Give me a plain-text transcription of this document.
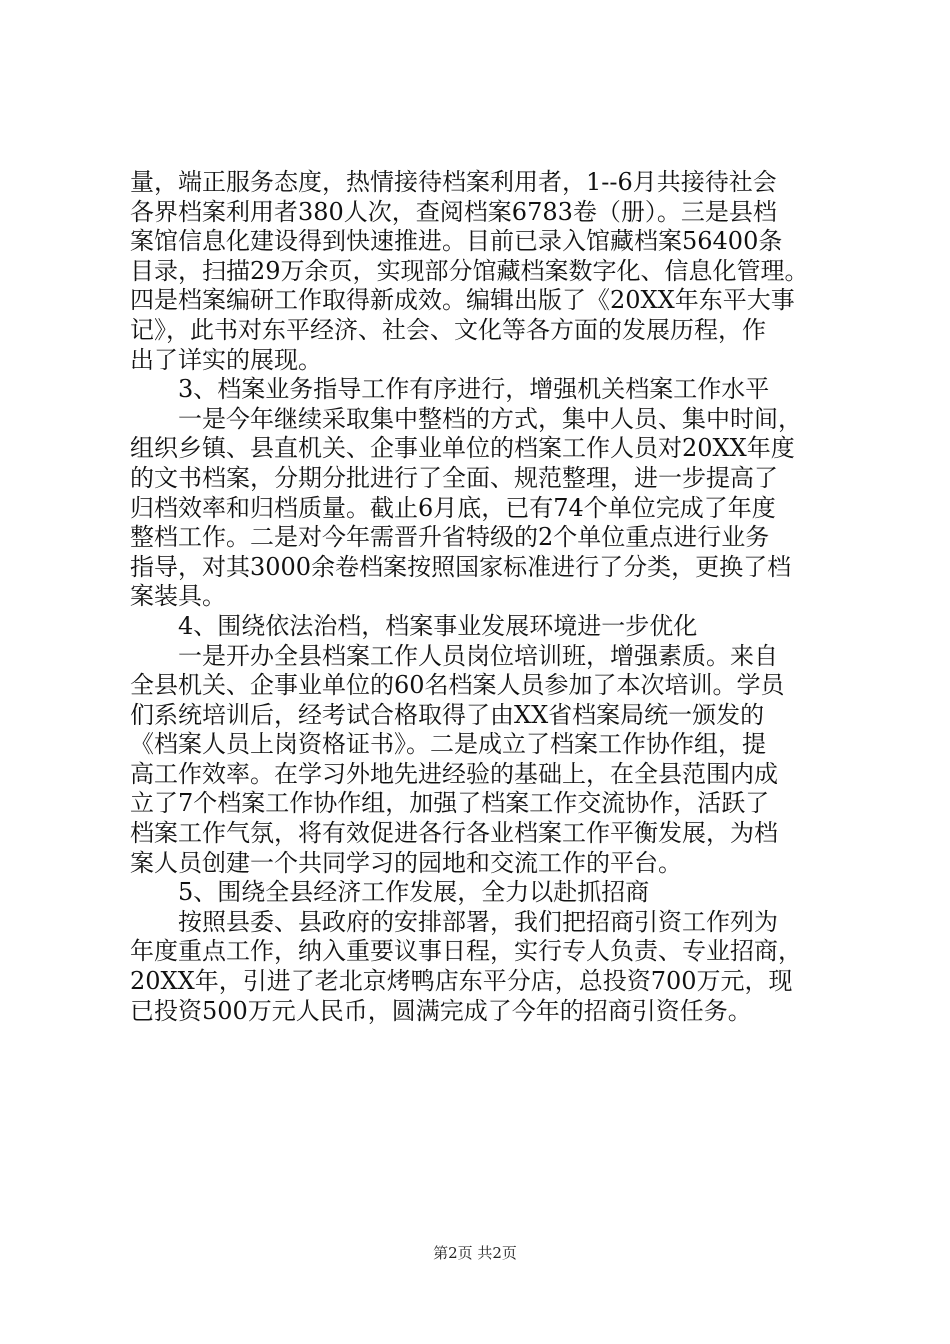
量，端正服务态度，热情接待档案利用者，1--6月共接待社会
各界档案利用者380人次，查阅档案6783卷（册）。三是县档
案馆信息化建设得到快速推进。目前已录入馆藏档案56400条
目录，扫描29万余页，实现部分馆藏档案数字化、信息化管理。
四是档案编研工作取得新成效。编辑出版了《20XX年东平大事
记》，此书对东平经济、社会、文化等各方面的发展历程，作
出了详实的展现。
3、档案业务指导工作有序进行，增强机关档案工作水平
一是今年继续采取集中整档的方式，集中人员、集中时间，
组织乡镇、县直机关、企事业单位的档案工作人员对20XX年度
的文书档案，分期分批进行了全面、规范整理，进一步提高了
归档效率和归档质量。截止6月底，已有74个单位完成了年度
整档工作。二是对今年需晋升省特级的2个单位重点进行业务
指导，对其3000余卷档案按照国家标准进行了分类，更换了档
案装具。
4、围绕依法治档，档案事业发展环境进一步优化
一是开办全县档案工作人员岗位培训班，增强素质。来自
全县机关、企事业单位的60名档案人员参加了本次培训。学员
们系统培训后，经考试合格取得了由XX省档案局统一颁发的
《档案人员上岗资格证书》。二是成立了档案工作协作组，提
高工作效率。在学习外地先进经验的基础上，在全县范围内成
立了7个档案工作协作组，加强了档案工作交流协作，活跃了
档案工作气氛，将有效促进各行各业档案工作平衡发展，为档
案人员创建一个共同学习的园地和交流工作的平台。
5、围绕全县经济工作发展，全力以赴抓招商
按照县委、县政府的安排部署，我们把招商引资工作列为
年度重点工作，纳入重要议事日程，实行专人负责、专业招商，
20XX年，引进了老北京烤鸭店东平分店，总投资700万元，现
已投资500万元人民币，圆满完成了今年的招商引资任务。
第2页 共2页
